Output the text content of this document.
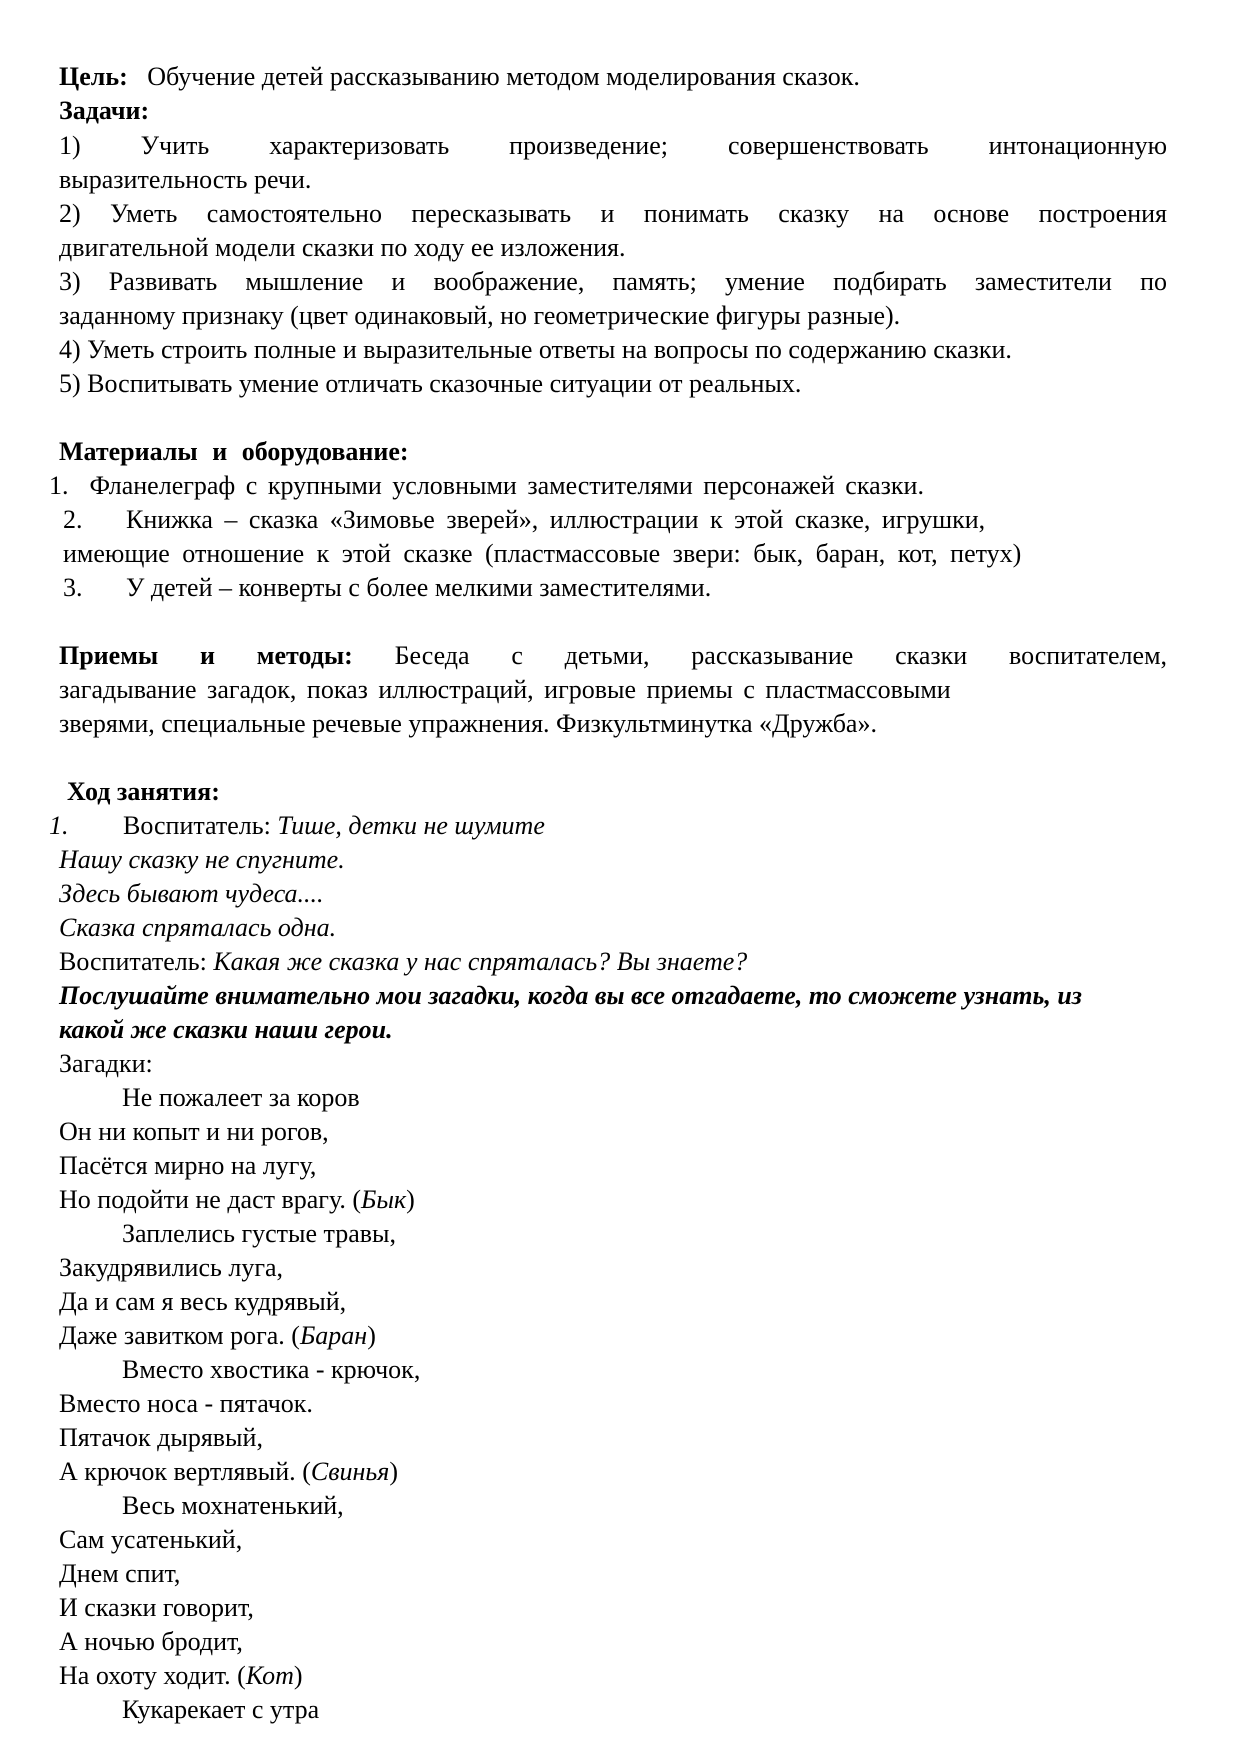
Цель: Обучение детей рассказыванию методом моделирования сказок.
Задачи:
1) Учить характеризовать произведение; совершенствовать интонационную
выразительность речи.
2) Уметь самостоятельно пересказывать и понимать сказку на основе построения
двигательной модели сказки по ходу ее изложения.
3) Развивать мышление и воображение, память; умение подбирать заместители по
заданному признаку (цвет одинаковый, но геометрические фигуры разные).
4) Уметь строить полные и выразительные ответы на вопросы по содержанию сказки.
5) Воспитывать умение отличать сказочные ситуации от реальных.
Материалы и оборудование:
1. Фланелеграф с крупными условными заместителями персонажей сказки.
2. Книжка – сказка «Зимовье зверей», иллюстрации к этой сказке, игрушки,
имеющие отношение к этой сказке (пластмассовые звери: бык, баран, кот, петух)
3. У детей – конверты с более мелкими заместителями.
Приемы и методы: Беседа с детьми, рассказывание сказки воспитателем,
загадывание загадок, показ иллюстраций, игровые приемы с пластмассовыми
зверями, специальные речевые упражнения. Физкультминутка «Дружба».
Ход занятия:
1. Воспитатель: Тише, детки не шумите
Нашу сказку не спугните.
Здесь бывают чудеса....
Сказка спряталась одна.
Воспитатель: Какая же сказка у нас спряталась? Вы знаете?
Послушайте внимательно мои загадки, когда вы все отгадаете, то сможете узнать, из
какой же сказки наши герои.
Загадки:
Не пожалеет за коров
Он ни копыт и ни рогов,
Пасётся мирно на лугу,
Но подойти не даст врагу. (Бык)
Заплелись густые травы,
Закудрявились луга,
Да и сам я весь кудрявый,
Даже завитком рога. (Баран)
Вместо хвостика - крючок,
Вместо носа - пятачок.
Пятачок дырявый,
А крючок вертлявый. (Свинья)
Весь мохнатенький,
Сам усатенький,
Днем спит,
И сказки говорит,
А ночью бродит,
На охоту ходит. (Кот)
Кукарекает с утра
